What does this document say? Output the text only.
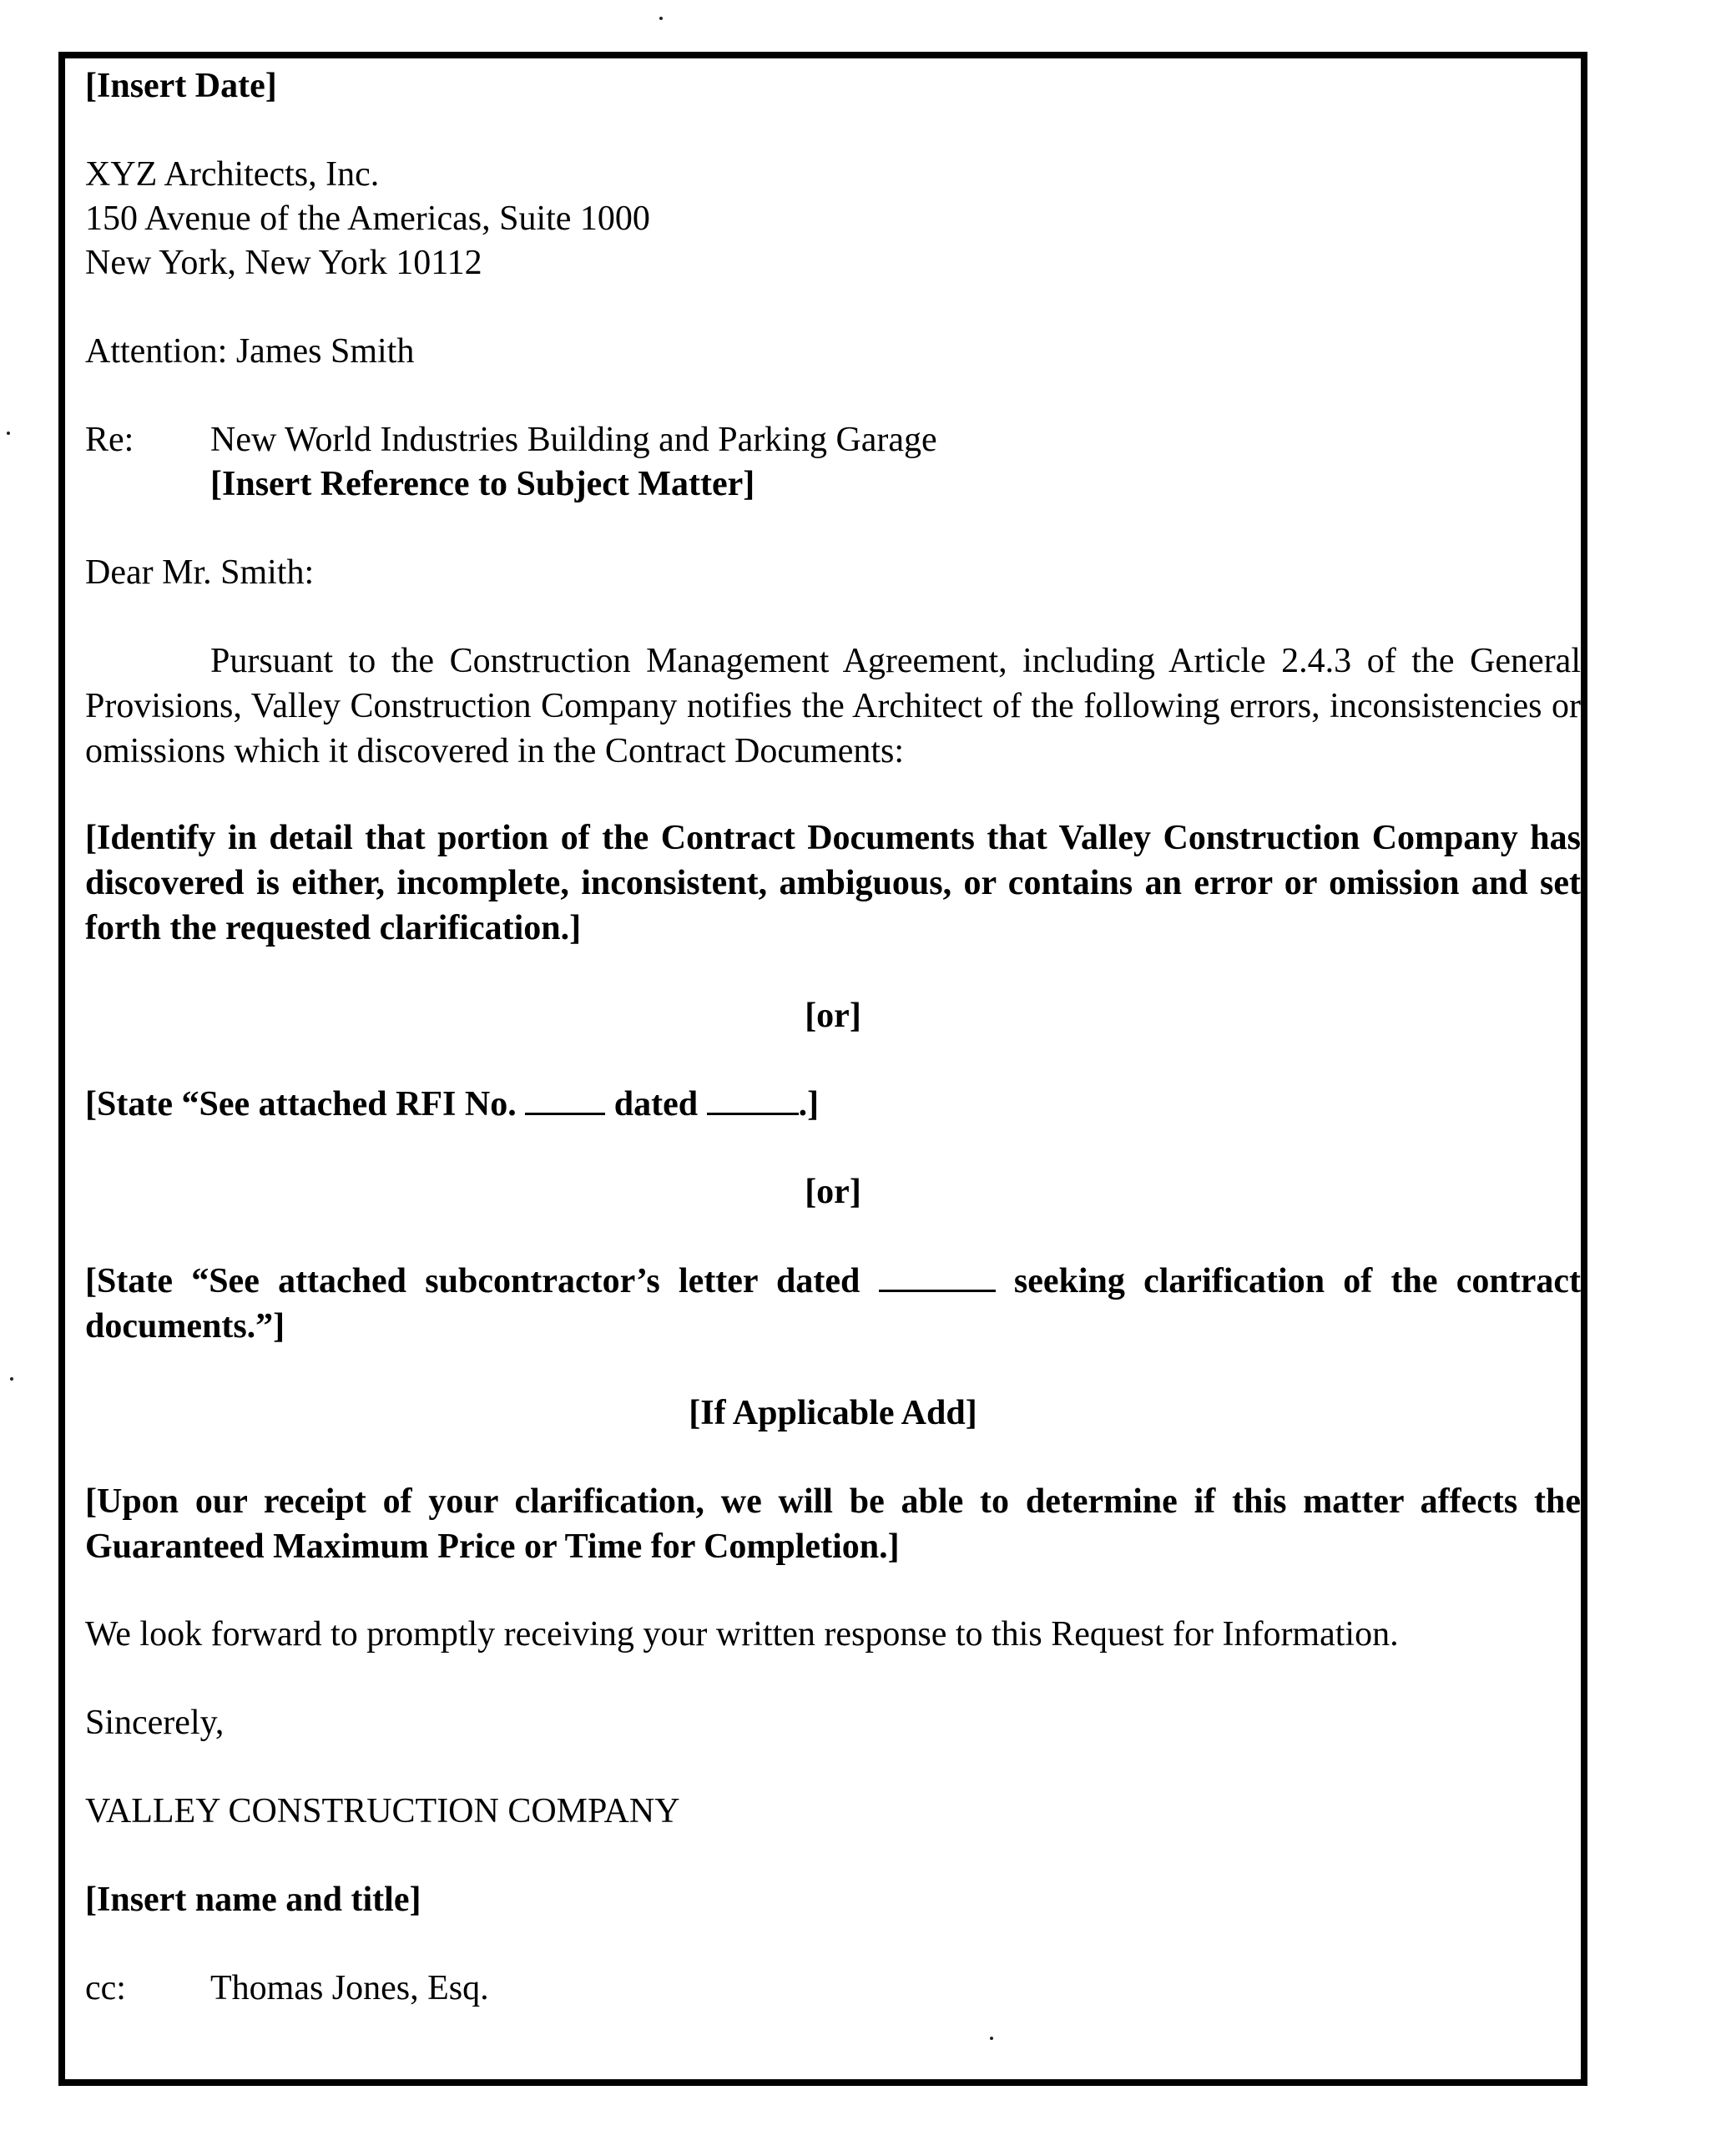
[Insert Date]
XYZ Architects, Inc.
150 Avenue of the Americas, Suite 1000
New York, New York 10112
Attention: James Smith
Re: New World Industries Building and Parking Garage
[Insert Reference to Subject Matter]
Dear Mr. Smith:
Pursuant to the Construction Management Agreement, including Article 2.4.3 of the General Provisions, Valley Construction Company notifies the Architect of the following errors, inconsistencies or omissions which it discovered in the Contract Documents:
[Identify in detail that portion of the Contract Documents that Valley Construction Company has discovered is either, incomplete, inconsistent, ambiguous, or contains an error or omission and set forth the requested clarification.]
[or]
[State “See attached RFI No.  dated	.]
[or]
[State “See attached subcontractor’s letter dated	seeking clarification of the contract documents.”]
[If Applicable Add]
[Upon our receipt of your clarification, we will be able to determine if this matter affects the Guaranteed Maximum Price or Time for Completion.]
We look forward to promptly receiving your written response to this Request for Information.
Sincerely,
VALLEY CONSTRUCTION COMPANY
[Insert name and title]
cc: Thomas Jones, Esq.
